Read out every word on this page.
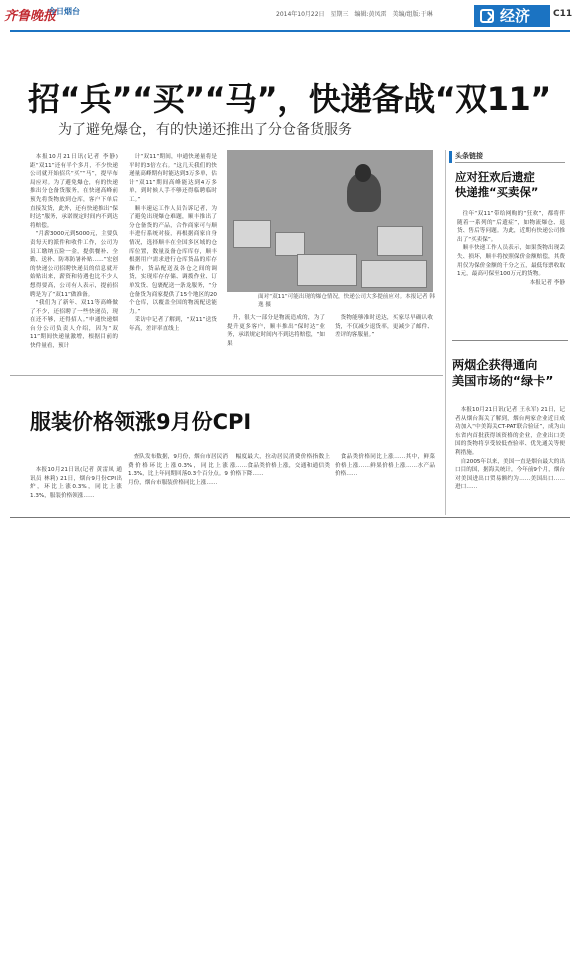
齐鲁晚报
今日烟台	2014年10月22日　星期三　编辑:黄凤雷　美编/组版:于琳	经济	C11
招“兵”“买”“马”，快递备战“双11”
为了避免爆仓，有的快递还推出了分仓备货服务

本报10月21日讯(记者 李静) 距“双11”还有半个多月，不少快递公司就开始招兵“买”“马”，提早布局应对。为了避免爆仓，有的快递推出分仓备货服务，在快递高峰前预先将货物放到仓库，客户下单后直接发货，此外，还有快递推出“保时达”服务，承诺规定时间内不到达将赔偿。

“月薪3000元到5000元，主要负责每天的派件和收件工作，公司为员工缴纳五险一金，提供餐补、全勤、送补、防寒防暑补贴……”宏创的快递公司招聘快递员的信息就开始贴出来，薪资和待遇也比不少人想得要高，公司有人表示，提前招聘是为了“双11”做准备。

“我们为了新年、双11等高峰做了不少，还招聘了一些快递员，现在还不够，还得招人。”申通快递烟台分公司负责人介绍，因为“双11”期间快递量激增，根据目前的快件量看，预计

计“双11”期间，申通快递量将是平时的3倍左右。“这几天我们的快递量高峰期有时能达到3万多单，估计“双11”期间高峰能达到4万多单，到时候人手不够还得临聘临时工。”

顺丰速运工作人员告诉记者，为了避免出现爆仓难题，顺丰推出了分仓备货的产品，合作商家可与顺丰进行系统对接，再根据商家自身情况，选择顺丰在全国多区域的仓库位置，数量及备仓库库存，顺丰根据用户需求进行仓库货品的库存操作，货品配送及各仓之间的调货，实现库存存储、调拨作业、订单发货、包裹配送一条龙服务，“分仓备货为商家提供了15个地区的20个仓库，以覆盖全国的物流配送能力。”

采访中记者了解到，“双11”送货年高，差评率直线上

面对“双11”可能出现的爆仓情况，快递公司大多提前应对。本报记者 韩逸 摄

升，很大一部分是物流造成的，为了提升更多客户，顺丰推出“保时达”业务，承诺规定时间内不到达将赔偿，“如果

货物能够准时送达，买家尽早确认收货，不仅减少退货率，更减少了邮件、差评的客服量。”

头条链接
应对狂欢后遗症
快递推“买卖保”

往年“双11”带给网购的“狂欢”，都将伴随着一系列的“后遗症”，如物流爆仓、退货、售后等问题。为此，近期有快递公司推出了“买卖保”。

顺丰快递工作人员表示，如果货物出现丢失、损坏，顺丰将按照保价金额赔偿，其费用仅为保价金额的千分之五，最低每票收取1元，最高可保至100万元的货物。

本报记者 李静

两烟企获得通向
美国市场的“绿卡”

本报10月21日讯(记者 王永军) 21日，记者从烟台海关了解到，烟台两家企业近日成功加入“中美海关CT-PAT联合验证”，成为山东省内首批获得该资格的企业，企业出口美国的货物将享受较低查验率、优先通关等便利措施。

自2005年以来，美国一直是烟台最大的出口目的国，据海关统计，今年前9个月，烟台对美国进出口贸易额约为……美国出口……进口……

服装价格领涨9月份CPI

本报10月21日讯(记者 黄雷凤 通讯员 林莉) 21日，烟台9月份CPI出炉，环比上涨0.3%，同比上涨1.3%，服装价格领涨……

查队发布数据，9月份，烟台市居民消费价格环比上涨0.3%，同比上涨1.3%，比上年同期回落0.3个百分点。9月份，烟台市服装价格同比上涨……

幅度最大，拉动居民消费价格指数上涨……食品类价格上涨，交通和通信类价格下降……

食品类价格同比上涨……其中，鲜菜价格上涨……鲜果价格上涨……水产品价格……
